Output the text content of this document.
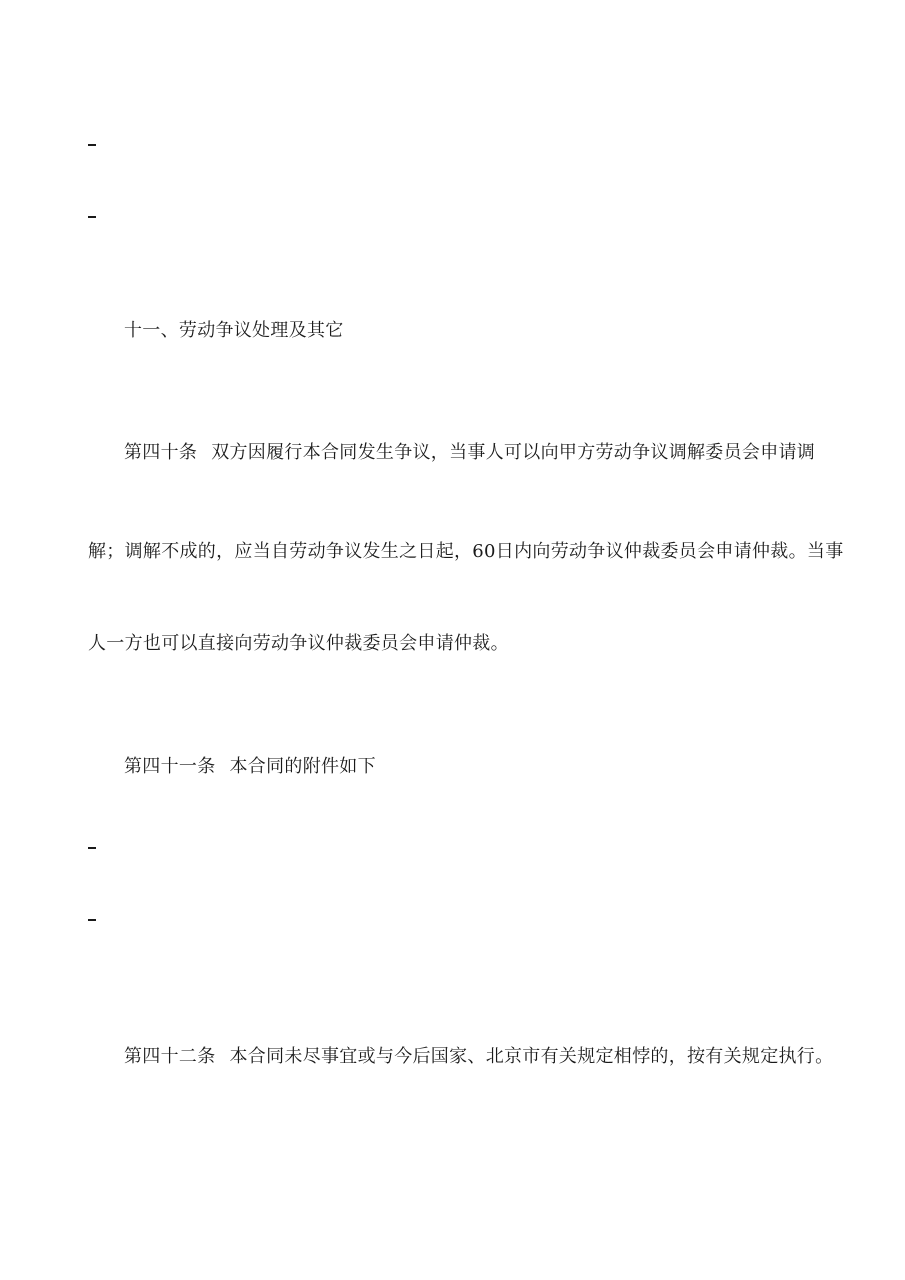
十一、劳动争议处理及其它
第四十条 双方因履行本合同发生争议，当事人可以向甲方劳动争议调解委员会申请调
解；调解不成的，应当自劳动争议发生之日起，60日内向劳动争议仲裁委员会申请仲裁。当事
人一方也可以直接向劳动争议仲裁委员会申请仲裁。
第四十一条 本合同的附件如下
第四十二条 本合同未尽事宜或与今后国家、北京市有关规定相悖的，按有关规定执行。
